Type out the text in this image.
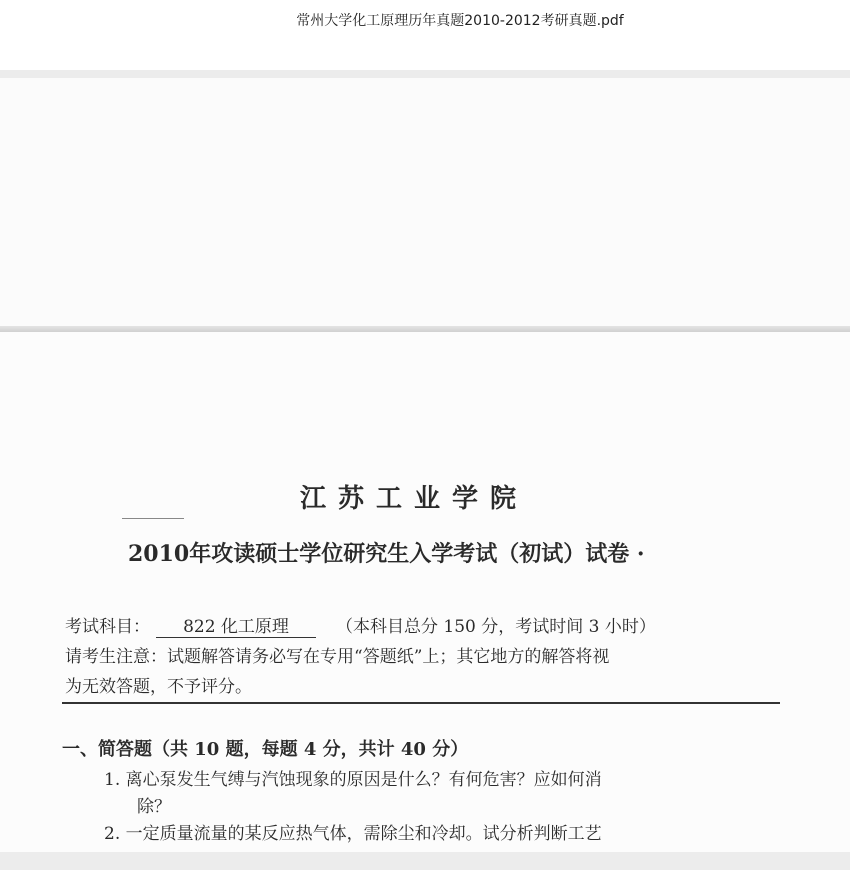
常州大学化工原理历年真题2010-2012考研真题.pdf
江苏工业学院
2010年攻读硕士学位研究生入学考试（初试）试卷 ·
考试科目： 822 化工原理	（本科目总分 150 分，考试时间 3 小时）
请考生注意：试题解答请务必写在专用“答题纸”上；其它地方的解答将视
为无效答题，不予评分。
一、简答题（共 10 题，每题 4 分，共计 40 分）
1. 离心泵发生气缚与汽蚀现象的原因是什么？有何危害？应如何消
除？
2. 一定质量流量的某反应热气体，需除尘和冷却。试分析判断工艺
